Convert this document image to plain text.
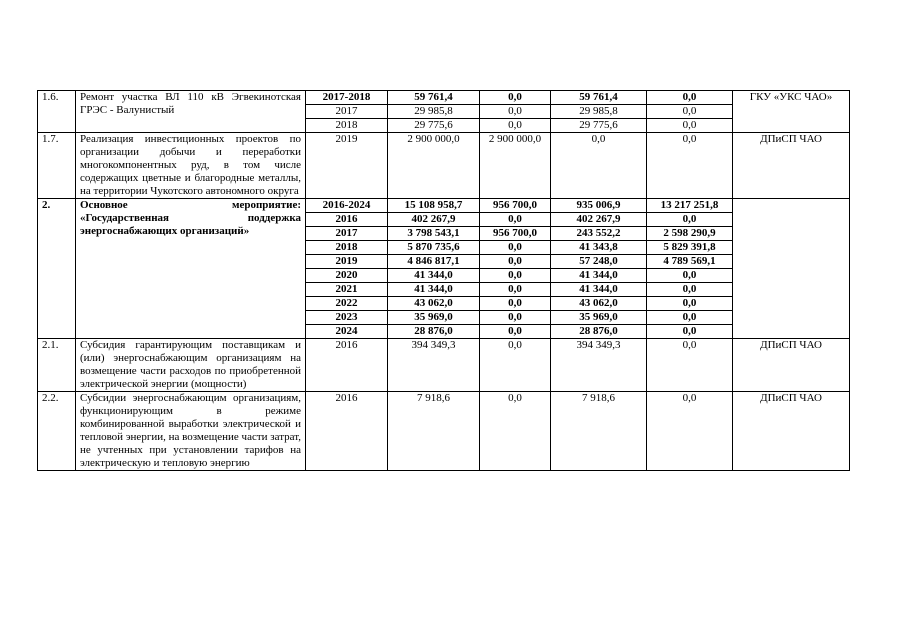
1.6.	Ремонт участка ВЛ 110 кВ Эгвекинотская ГРЭС - Валунистый	2017-2018	59 761,4	0,0	59 761,4	0,0	ГКУ «УКС ЧАО»
		2017	29 985,8	0,0	29 985,8	0,0	
		2018	29 775,6	0,0	29 775,6	0,0	
1.7.	Реализация инвестиционных проектов по организации добычи и переработки многокомпонентных руд, в том числе содержащих цветные и благородные металлы, на территории Чукотского автономного округа	2019	2 900 000,0	2 900 000,0	0,0	0,0	ДПиСП ЧАО
2.	Основное мероприятие:
«Государственная поддержка
энергоснабжающих организаций»	2016-2024	15 108 958,7	956 700,0	935 006,9	13 217 251,8	
		2016	402 267,9	0,0	402 267,9	0,0	
		2017	3 798 543,1	956 700,0	243 552,2	2 598 290,9	
		2018	5 870 735,6	0,0	41 343,8	5 829 391,8	
		2019	4 846 817,1	0,0	57 248,0	4 789 569,1	
		2020	41 344,0	0,0	41 344,0	0,0	
		2021	41 344,0	0,0	41 344,0	0,0	
		2022	43 062,0	0,0	43 062,0	0,0	
		2023	35 969,0	0,0	35 969,0	0,0	
		2024	28 876,0	0,0	28 876,0	0,0	
2.1.	Субсидия гарантирующим поставщикам и (или) энергоснабжающим организациям на возмещение части расходов по приобретенной электрической энергии (мощности)	2016	394 349,3	0,0	394 349,3	0,0	ДПиСП ЧАО
2.2.	Субсидии энергоснабжающим организациям, функционирующим в режиме комбинированной выработки электрической и тепловой энергии, на возмещение части затрат, не учтенных при установлении тарифов на электрическую и тепловую энергию	2016	7 918,6	0,0	7 918,6	0,0	ДПиСП ЧАО
